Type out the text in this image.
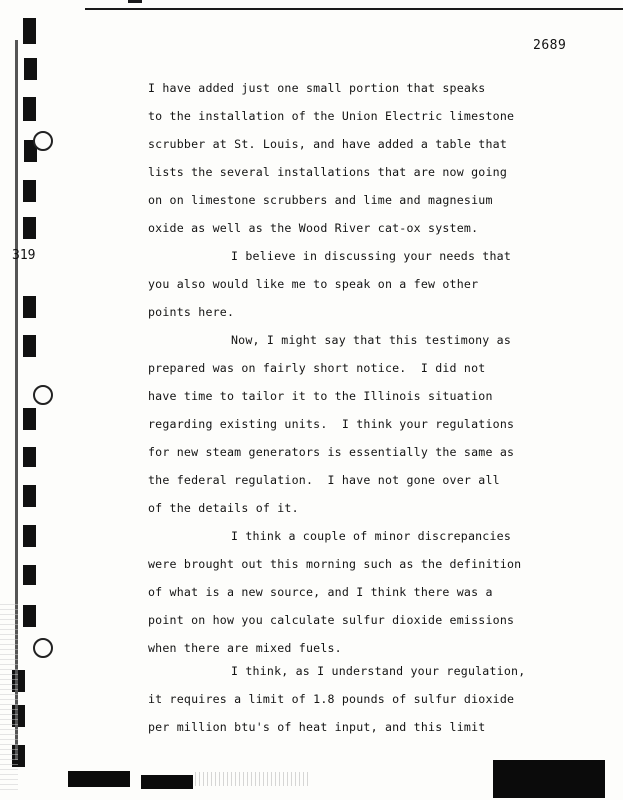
319
2689
I have added just one small portion that speaks
to the installation of the Union Electric limestone
scrubber at St. Louis, and have added a table that
lists the several installations that are now going
on on limestone scrubbers and lime and magnesium
oxide as well as the Wood River cat-ox system.
I believe in discussing your needs that
you also would like me to speak on a few other
points here.
Now, I might say that this testimony as
prepared was on fairly short notice.  I did not
have time to tailor it to the Illinois situation
regarding existing units.  I think your regulations
for new steam generators is essentially the same as
the federal regulation.  I have not gone over all
of the details of it.
I think a couple of minor discrepancies
were brought out this morning such as the definition
of what is a new source, and I think there was a
point on how you calculate sulfur dioxide emissions
when there are mixed fuels.
I think, as I understand your regulation,
it requires a limit of 1.8 pounds of sulfur dioxide
per million btu's of heat input, and this limit
